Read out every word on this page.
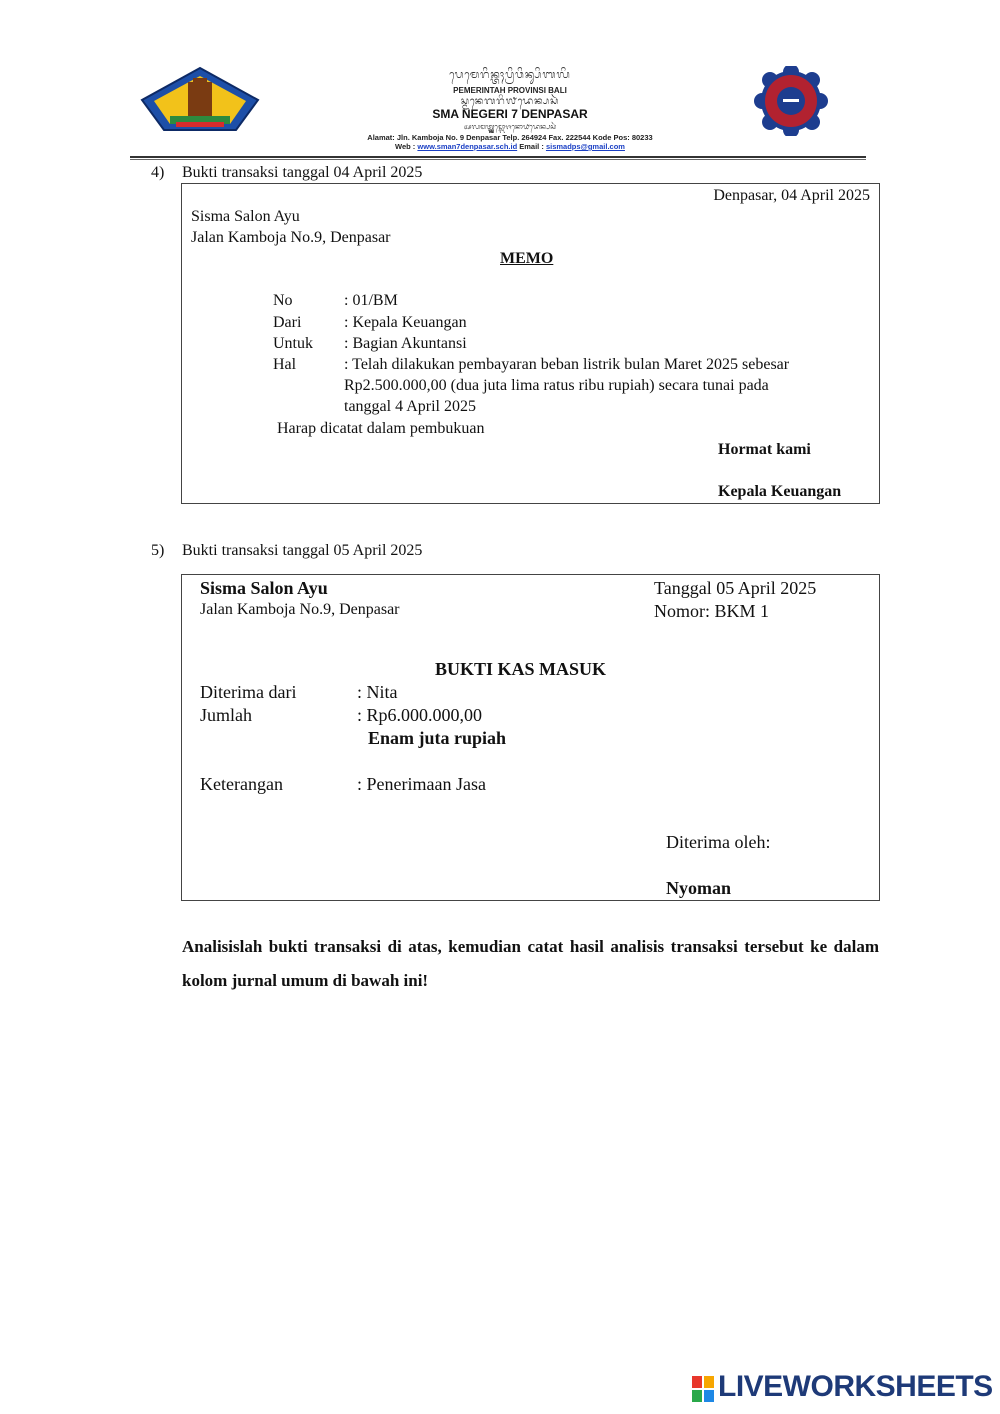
ᬧᬾᬫᬾᬭᬶᬦ᭄ᬢᬄᬧ᭄ᬭᬶᬯᬶᬦ᭄ᬲᬶᬩᬮᬶ
PEMERINTAH PROVINSI BALI
ᬲ᭄ᬫᬦᬾᬕᬭᬶ᭗ᬤᬾᬦ᭄ᬧᬲᬃ
SMA NEGERI 7 DENPASAR
ᬅᬮᬫᬢ᭄ᬚ᭄ᬮ᭄ᬓᬫ᭄ᬩᭀᬚᬦᭀ᭙ᬤᬾᬦ᭄ᬧᬲᬃ
Alamat: Jln. Kamboja No. 9 Denpasar Telp. 264924 Fax. 222544 Kode Pos: 80233
Web : www.sman7denpasar.sch.id Email : sismadps@gmail.com
4) Bukti transaksi tanggal 04 April 2025
Denpasar, 04 April 2025
Sisma Salon Ayu
Jalan Kamboja No.9, Denpasar
MEMO
No	: 01/BM
Dari	: Kepala Keuangan
Untuk : Bagian Akuntansi
Hal	: Telah dilakukan pembayaran beban listrik bulan Maret 2025 sebesar
Rp2.500.000,00 (dua juta lima ratus ribu rupiah) secara tunai pada
tanggal 4 April 2025
Harap dicatat dalam pembukuan
Hormat kami
Kepala Keuangan
5) Bukti transaksi tanggal 05 April 2025
Sisma Salon Ayu
Jalan Kamboja No.9, Denpasar
Tanggal 05 April 2025
Nomor: BKM 1
BUKTI KAS MASUK
Diterima dari	: Nita
Jumlah	: Rp6.000.000,00
Enam juta rupiah
Keterangan	: Penerimaan Jasa
Diterima oleh:
Nyoman
Analisislah bukti transaksi di atas, kemudian catat hasil analisis transaksi tersebut ke dalam kolom jurnal umum di bawah ini!
LIVEWORKSHEETS
